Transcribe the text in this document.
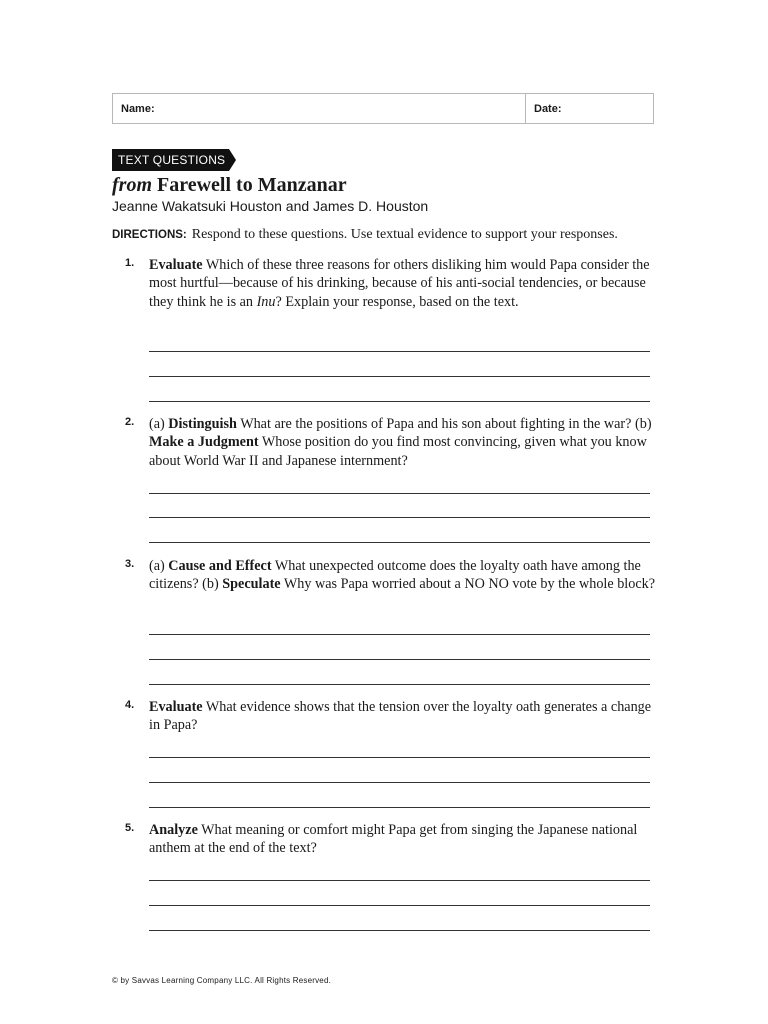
Name:	Date:
TEXT QUESTIONS
from Farewell to Manzanar
Jeanne Wakatsuki Houston and James D. Houston
DIRECTIONS: Respond to these questions. Use textual evidence to support your responses.
1. Evaluate Which of these three reasons for others disliking him would Papa consider the most hurtful—because of his drinking, because of his anti-social tendencies, or because they think he is an Inu? Explain your response, based on the text.
2. (a) Distinguish What are the positions of Papa and his son about fighting in the war? (b) Make a Judgment Whose position do you find most convincing, given what you know about World War II and Japanese internment?
3. (a) Cause and Effect What unexpected outcome does the loyalty oath have among the citizens? (b) Speculate Why was Papa worried about a NO NO vote by the whole block?
4. Evaluate What evidence shows that the tension over the loyalty oath generates a change in Papa?
5. Analyze What meaning or comfort might Papa get from singing the Japanese national anthem at the end of the text?
© by Savvas Learning Company LLC. All Rights Reserved.
